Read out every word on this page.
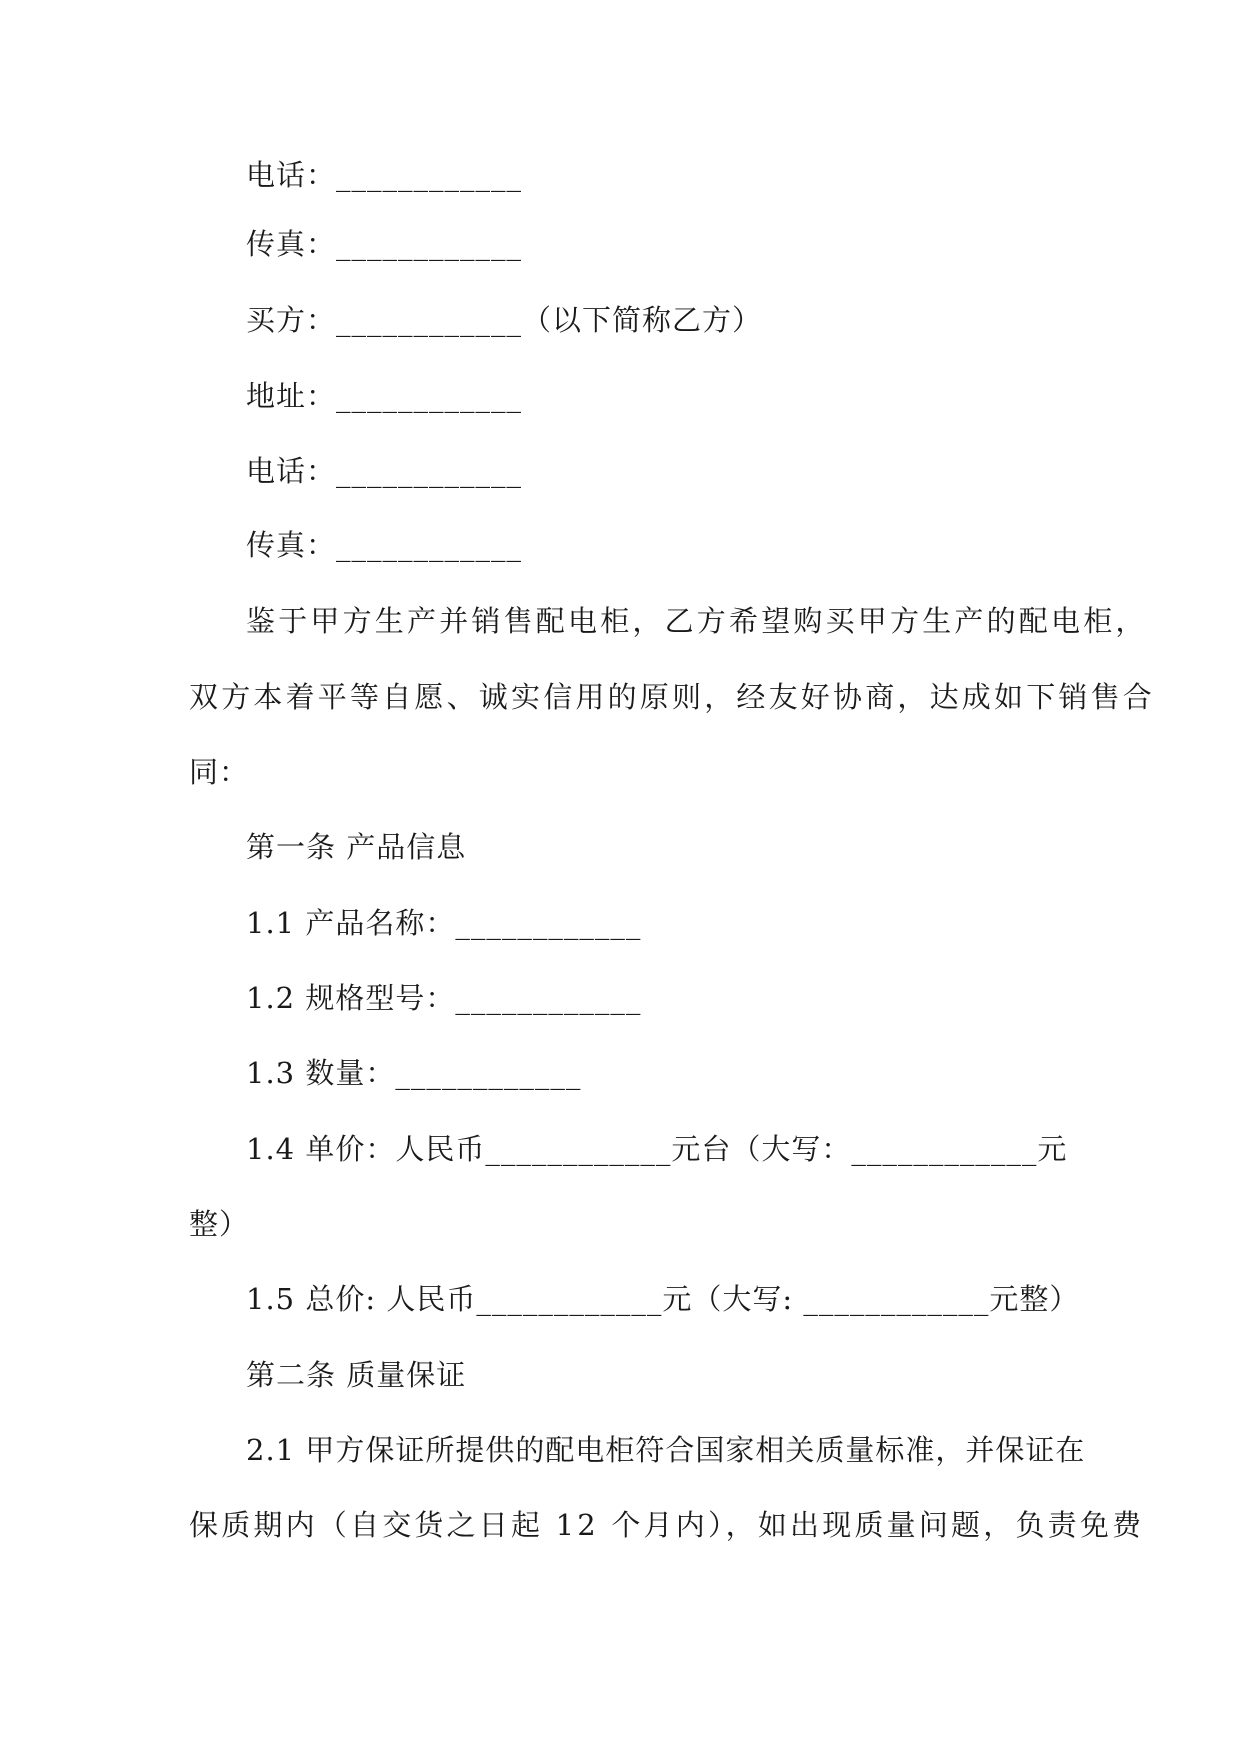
电话：____________
传真：____________
买方：____________（以下简称乙方）
地址：____________
电话：____________
传真：____________
鉴于甲方生产并销售配电柜，乙方希望购买甲方生产的配电柜，
双方本着平等自愿、诚实信用的原则，经友好协商，达成如下销售合
同：
第一条 产品信息
1.1 产品名称：____________
1.2 规格型号：____________
1.3 数量：____________
1.4 单价：人民币____________元台（大写：____________元
整）
1.5 总价: 人民币____________元（大写: ____________元整）
第二条 质量保证
2.1 甲方保证所提供的配电柜符合国家相关质量标准，并保证在
保质期内（自交货之日起 12 个月内），如出现质量问题，负责免费
